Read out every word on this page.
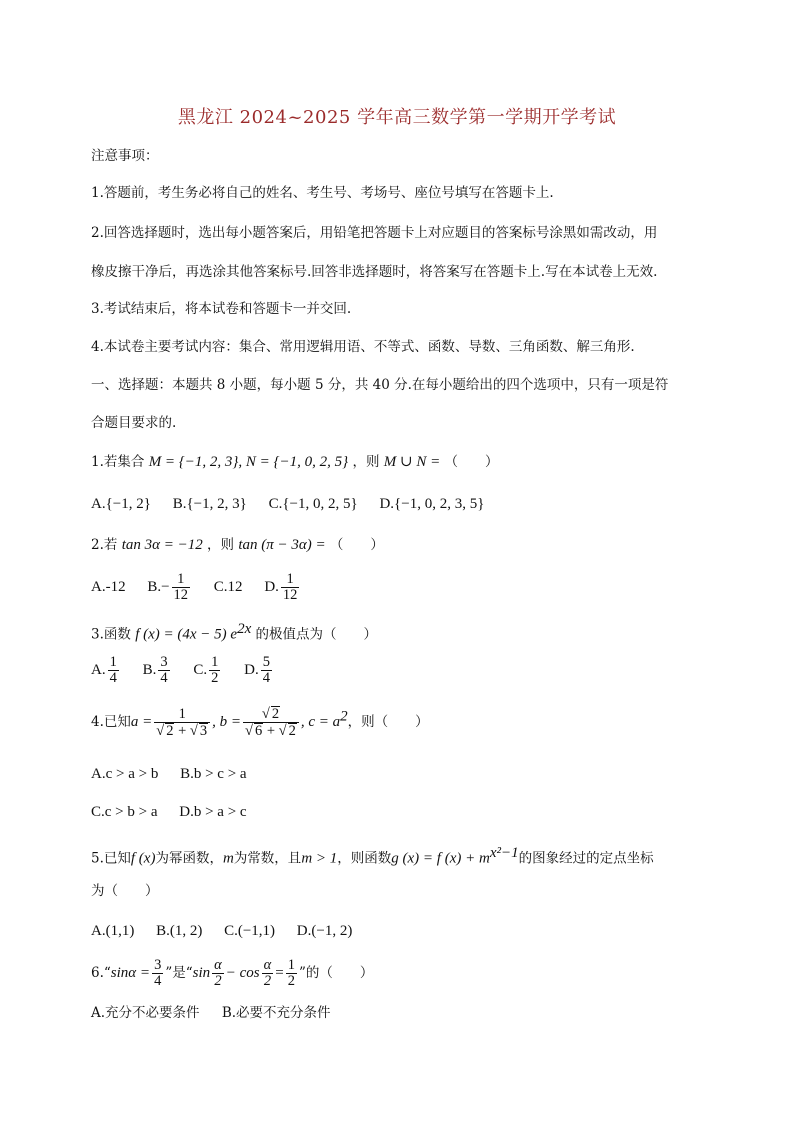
黑龙江 2024~2025 学年高三数学第一学期开学考试
注意事项：
1.答题前，考生务必将自己的姓名、考生号、考场号、座位号填写在答题卡上.
2.回答选择题时，选出每小题答案后，用铅笔把答题卡上对应题目的答案标号涂黑如需改动，用
橡皮擦干净后，再选涂其他答案标号.回答非选择题时，将答案写在答题卡上.写在本试卷上无效.
3.考试结束后，将本试卷和答题卡一并交回.
4.本试卷主要考试内容：集合、常用逻辑用语、不等式、函数、导数、三角函数、解三角形.
一、选择题：本题共 8 小题，每小题 5 分，共 40 分.在每小题给出的四个选项中，只有一项是符
合题目要求的.
1.若集合 M = {−1, 2, 3}, N = {−1, 0, 2, 5} ，则 M ∪ N = （　　）
A.{−1, 2} B.{−1, 2, 3} C.{−1, 0, 2, 5} D.{−1, 0, 2, 3, 5}
2.若 tan 3α = −12 ，则 tan (π − 3α) = （　　）
A.-12 $B.- \frac{1}{12} C.12$ D. $\frac{1}{12}$
3.函数 f (x) = (4x − 5) $e^{2x}$ 的极值点为（　　）
A. $\frac{1}{4} B$. $\frac{3}{4} C$. $\frac{1}{2} D$. $\frac{5}{4}$
4.已知$a = \frac{1}{√ 2 + √ 3}$ , $b = \frac{√ 2}{√ 6 + √ 2}$ , $c = a^2$，则（　　）
A.c > a > b B.b > c > a
C.c > b > a D.b > a > c
5.已知f (x)为幂函数，m为常数，且m > 1，则函数g (x) = f $(x) + m^{x^2-1}$的图象经过的定点坐标
为（　　）
A.(1,1) B.(1, 2) C.(−1,1) D.(−1, 2)
6.“sinα = $\frac{3}{4}$ ”是“$\sin \frac{\alpha}{2} - \cos \frac{\alpha}{2} = \frac{1}{2}$ ”的（　　）
A.充分不必要条件 B.必要不充分条件
